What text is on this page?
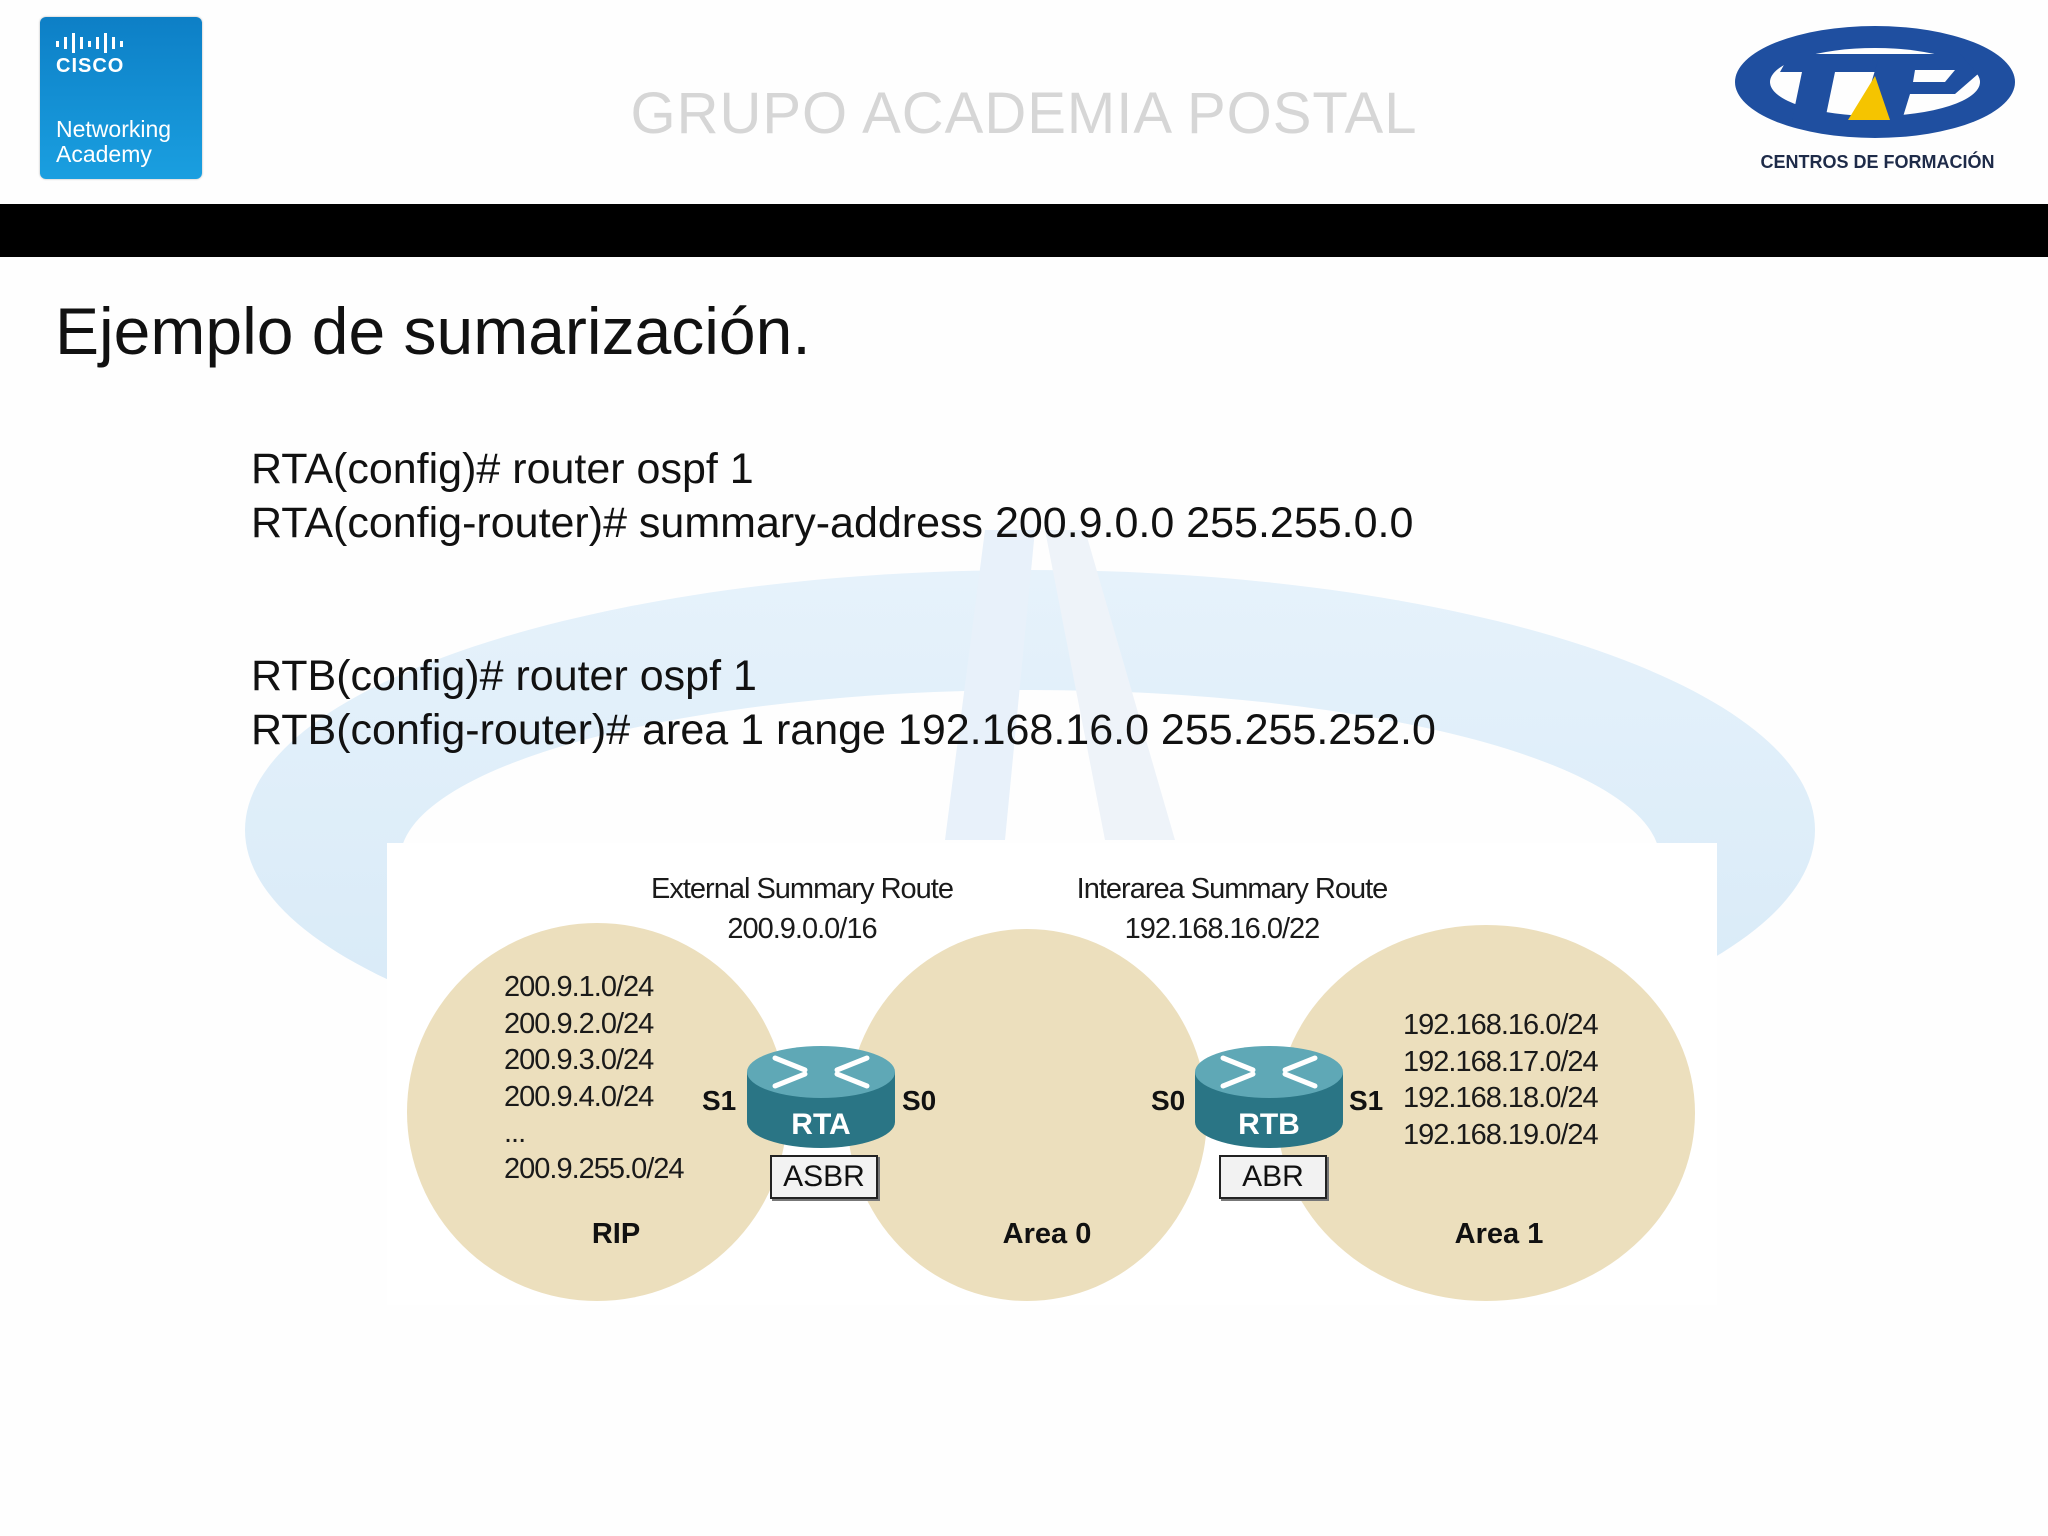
CISCO
Networking
Academy
GRUPO ACADEMIA POSTAL
CENTROS DE FORMACIÓN
Ejemplo de sumarización.
RTA(config)# router ospf 1
RTA(config-router)# summary-address 200.9.0.0 255.255.0.0
RTB(config)# router ospf 1
RTB(config-router)# area 1 range 192.168.16.0 255.255.252.0
External Summary Route
200.9.0.0/16
Interarea Summary Route
192.168.16.0/22
200.9.1.0/24
200.9.2.0/24
200.9.3.0/24
200.9.4.0/24
...
200.9.255.0/24
192.168.16.0/24
192.168.17.0/24
192.168.18.0/24
192.168.19.0/24
S1
RTA
S0
ASBR
S0
RTB
S1
ABR
RIP	Area 0	Area 1
